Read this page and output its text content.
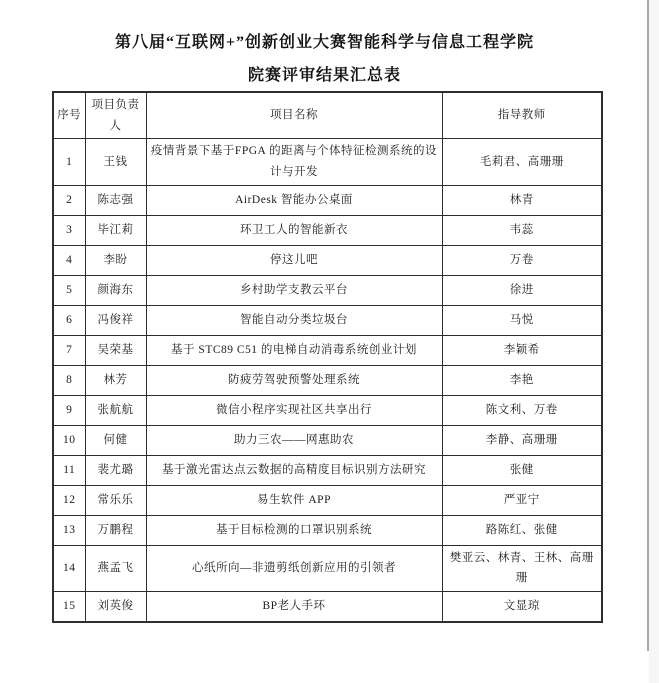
第八届“互联网+”创新创业大赛智能科学与信息工程学院
院赛评审结果汇总表
序号	项目负责人	项目名称	指导教师
1	王钱	疫情背景下基于FPGA 的距离与个体特征检测系统的设计与开发	毛莉君、高珊珊
2	陈志强	AirDesk 智能办公桌面	林青
3	毕江莉	环卫工人的智能新衣	韦蕊
4	李盼	停这儿吧	万卷
5	颜海东	乡村助学支教云平台	徐进
6	冯俊祥	智能自动分类垃圾台	马悦
7	吴荣基	基于 STC89 C51 的电梯自动消毒系统创业计划	李颖希
8	林芳	防疲劳驾驶预警处理系统	李艳
9	张航航	微信小程序实现社区共享出行	陈文利、万卷
10	何健	助力三农——网惠助农	李静、高珊珊
11	裴尤璐	基于激光雷达点云数据的高精度目标识别方法研究	张健
12	常乐乐	易生软件 APP	严亚宁
13	万鹏程	基于目标检测的口罩识别系统	路陈红、张健
14	燕孟飞	心纸所向—非遗剪纸创新应用的引领者	樊亚云、林青、王林、高珊珊
15	刘英俊	BP老人手环	文显琼
